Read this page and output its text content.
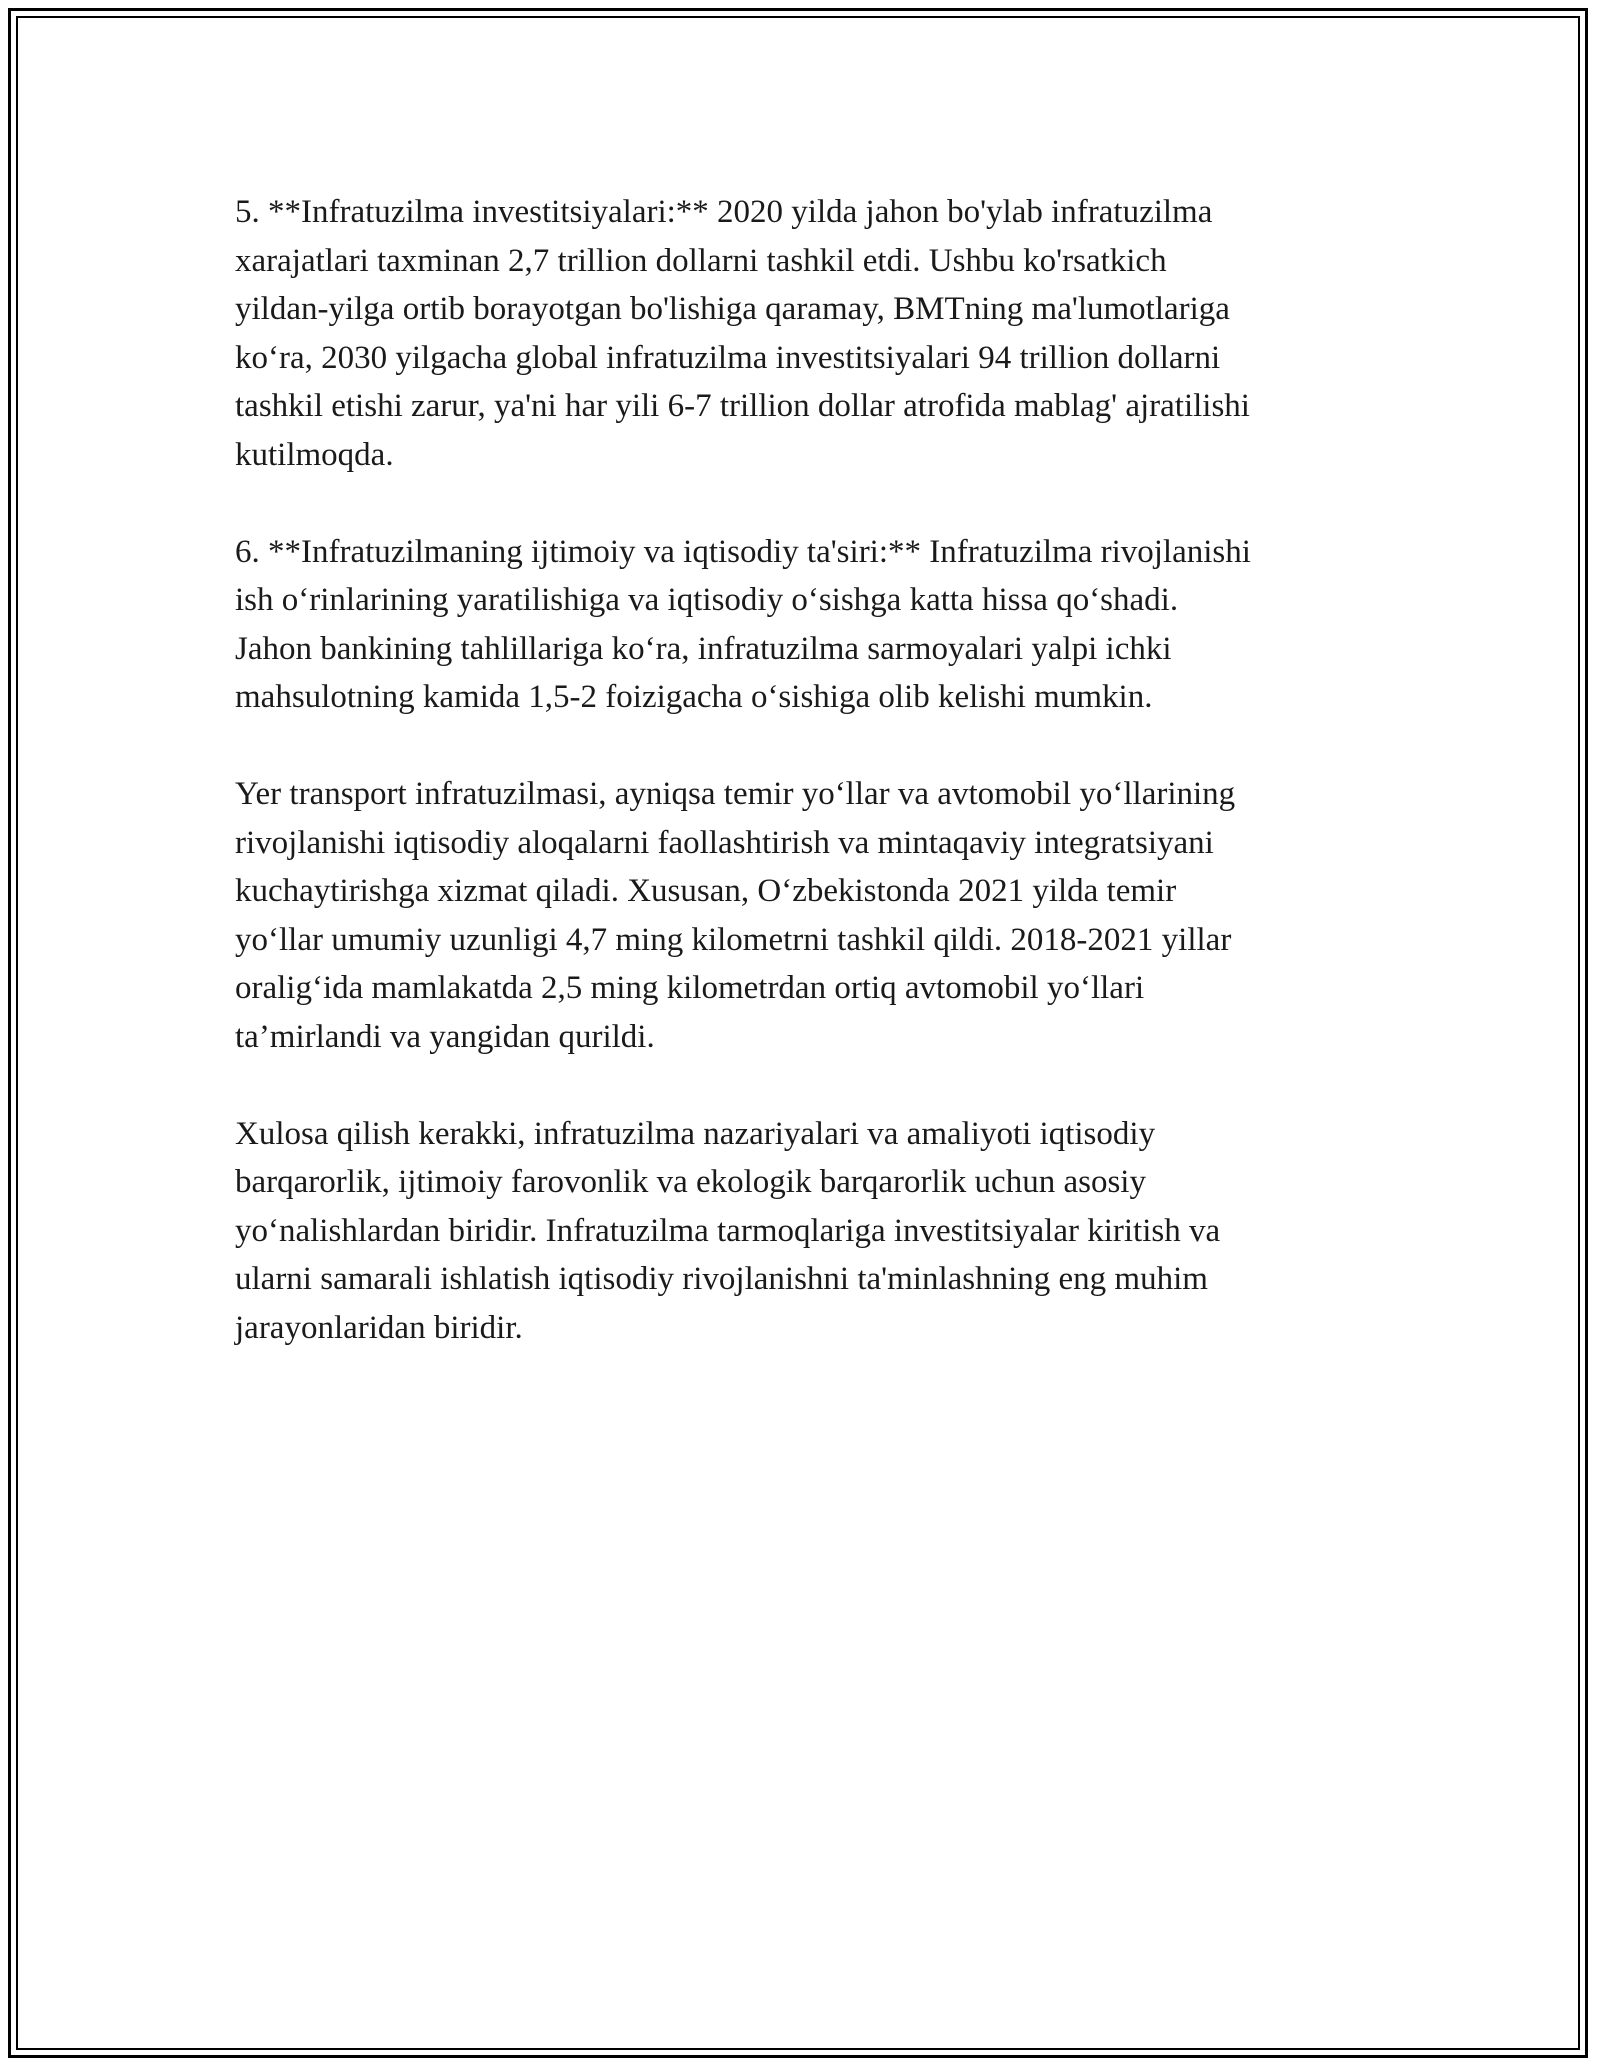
5. **Infratuzilma investitsiyalari:** 2020 yilda jahon bo'ylab infratuzilma
xarajatlari taxminan 2,7 trillion dollarni tashkil etdi. Ushbu ko'rsatkich
yildan-yilga ortib borayotgan bo'lishiga qaramay, BMTning ma'lumotlariga
ko‘ra, 2030 yilgacha global infratuzilma investitsiyalari 94 trillion dollarni
tashkil etishi zarur, ya'ni har yili 6-7 trillion dollar atrofida mablag' ajratilishi
kutilmoqda.

6. **Infratuzilmaning ijtimoiy va iqtisodiy ta'siri:** Infratuzilma rivojlanishi
ish o‘rinlarining yaratilishiga va iqtisodiy o‘sishga katta hissa qo‘shadi.
Jahon bankining tahlillariga ko‘ra, infratuzilma sarmoyalari yalpi ichki
mahsulotning kamida 1,5-2 foizigacha o‘sishiga olib kelishi mumkin.

Yer transport infratuzilmasi, ayniqsa temir yo‘llar va avtomobil yo‘llarining
rivojlanishi iqtisodiy aloqalarni faollashtirish va mintaqaviy integratsiyani
kuchaytirishga xizmat qiladi. Xususan, O‘zbekistonda 2021 yilda temir
yo‘llar umumiy uzunligi 4,7 ming kilometrni tashkil qildi. 2018-2021 yillar
oralig‘ida mamlakatda 2,5 ming kilometrdan ortiq avtomobil yo‘llari
ta’mirlandi va yangidan qurildi.

Xulosa qilish kerakki, infratuzilma nazariyalari va amaliyoti iqtisodiy
barqarorlik, ijtimoiy farovonlik va ekologik barqarorlik uchun asosiy
yo‘nalishlardan biridir. Infratuzilma tarmoqlariga investitsiyalar kiritish va
ularni samarali ishlatish iqtisodiy rivojlanishni ta'minlashning eng muhim
jarayonlaridan biridir.
